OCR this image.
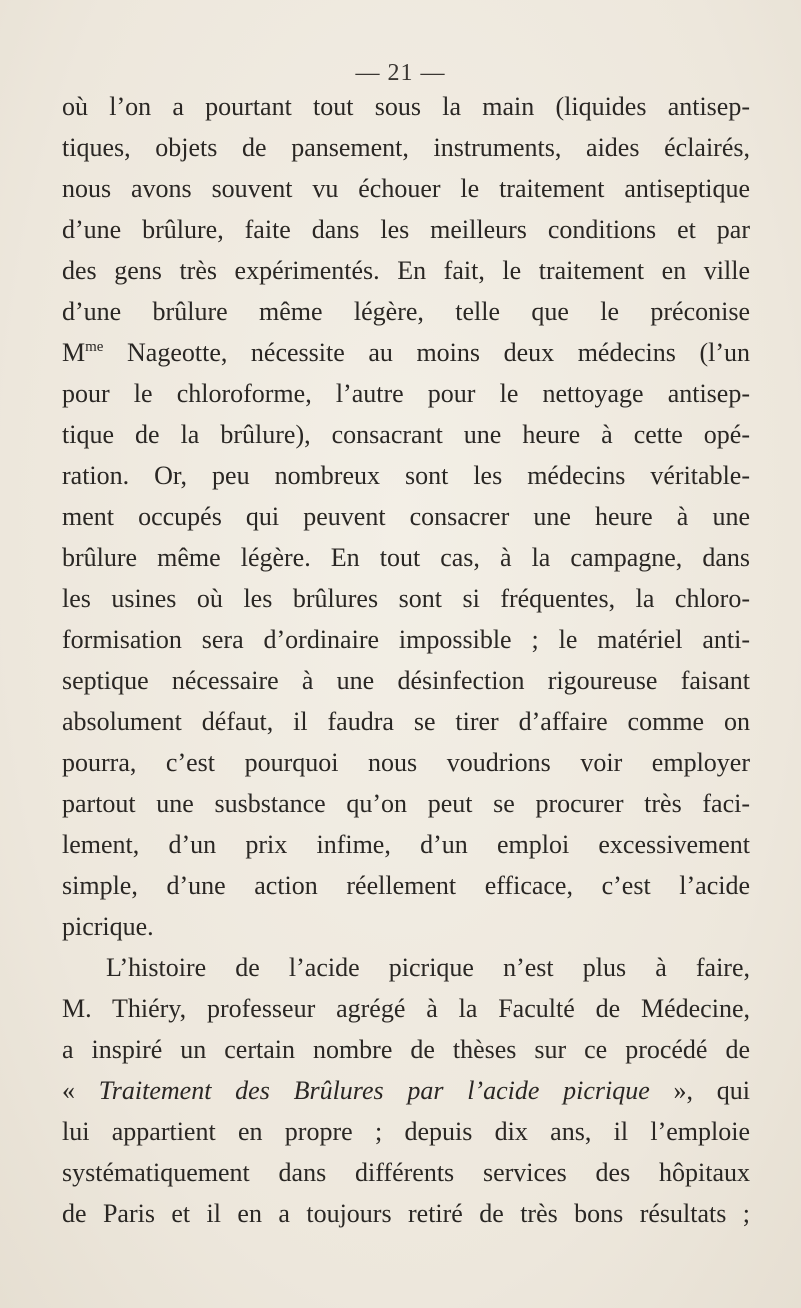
— 21 —
où l’on a pourtant tout sous la main (liquides antisep-
tiques, objets de pansement, instruments, aides éclairés,
nous avons souvent vu échouer le traitement antiseptique
d’une brûlure, faite dans les meilleurs conditions et par
des gens très expérimentés. En fait, le traitement en ville
d’une brûlure même légère, telle que le préconise
$M^{me}$ Nageotte, nécessite au moins deux médecins (l’un
pour le chloroforme, l’autre pour le nettoyage antisep-
tique de la brûlure), consacrant une heure à cette opé-
ration. Or, peu nombreux sont les médecins véritable-
ment occupés qui peuvent consacrer une heure à une
brûlure même légère. En tout cas, à la campagne, dans
les usines où les brûlures sont si fréquentes, la chloro-
formisation sera d’ordinaire impossible ; le matériel anti-
septique nécessaire à une désinfection rigoureuse faisant
absolument défaut, il faudra se tirer d’affaire comme on
pourra, c’est pourquoi nous voudrions voir employer
partout une susbstance qu’on peut se procurer très faci-
lement, d’un prix infime, d’un emploi excessivement
simple, d’une action réellement efficace, c’est l’acide
picrique.
L’histoire de l’acide picrique n’est plus à faire,
M. Thiéry, professeur agrégé à la Faculté de Médecine,
a inspiré un certain nombre de thèses sur ce procédé de
« Traitement des Brûlures par l’acide picrique », qui
lui appartient en propre ; depuis dix ans, il l’emploie
systématiquement dans différents services des hôpitaux
de Paris et il en a toujours retiré de très bons résultats ;
